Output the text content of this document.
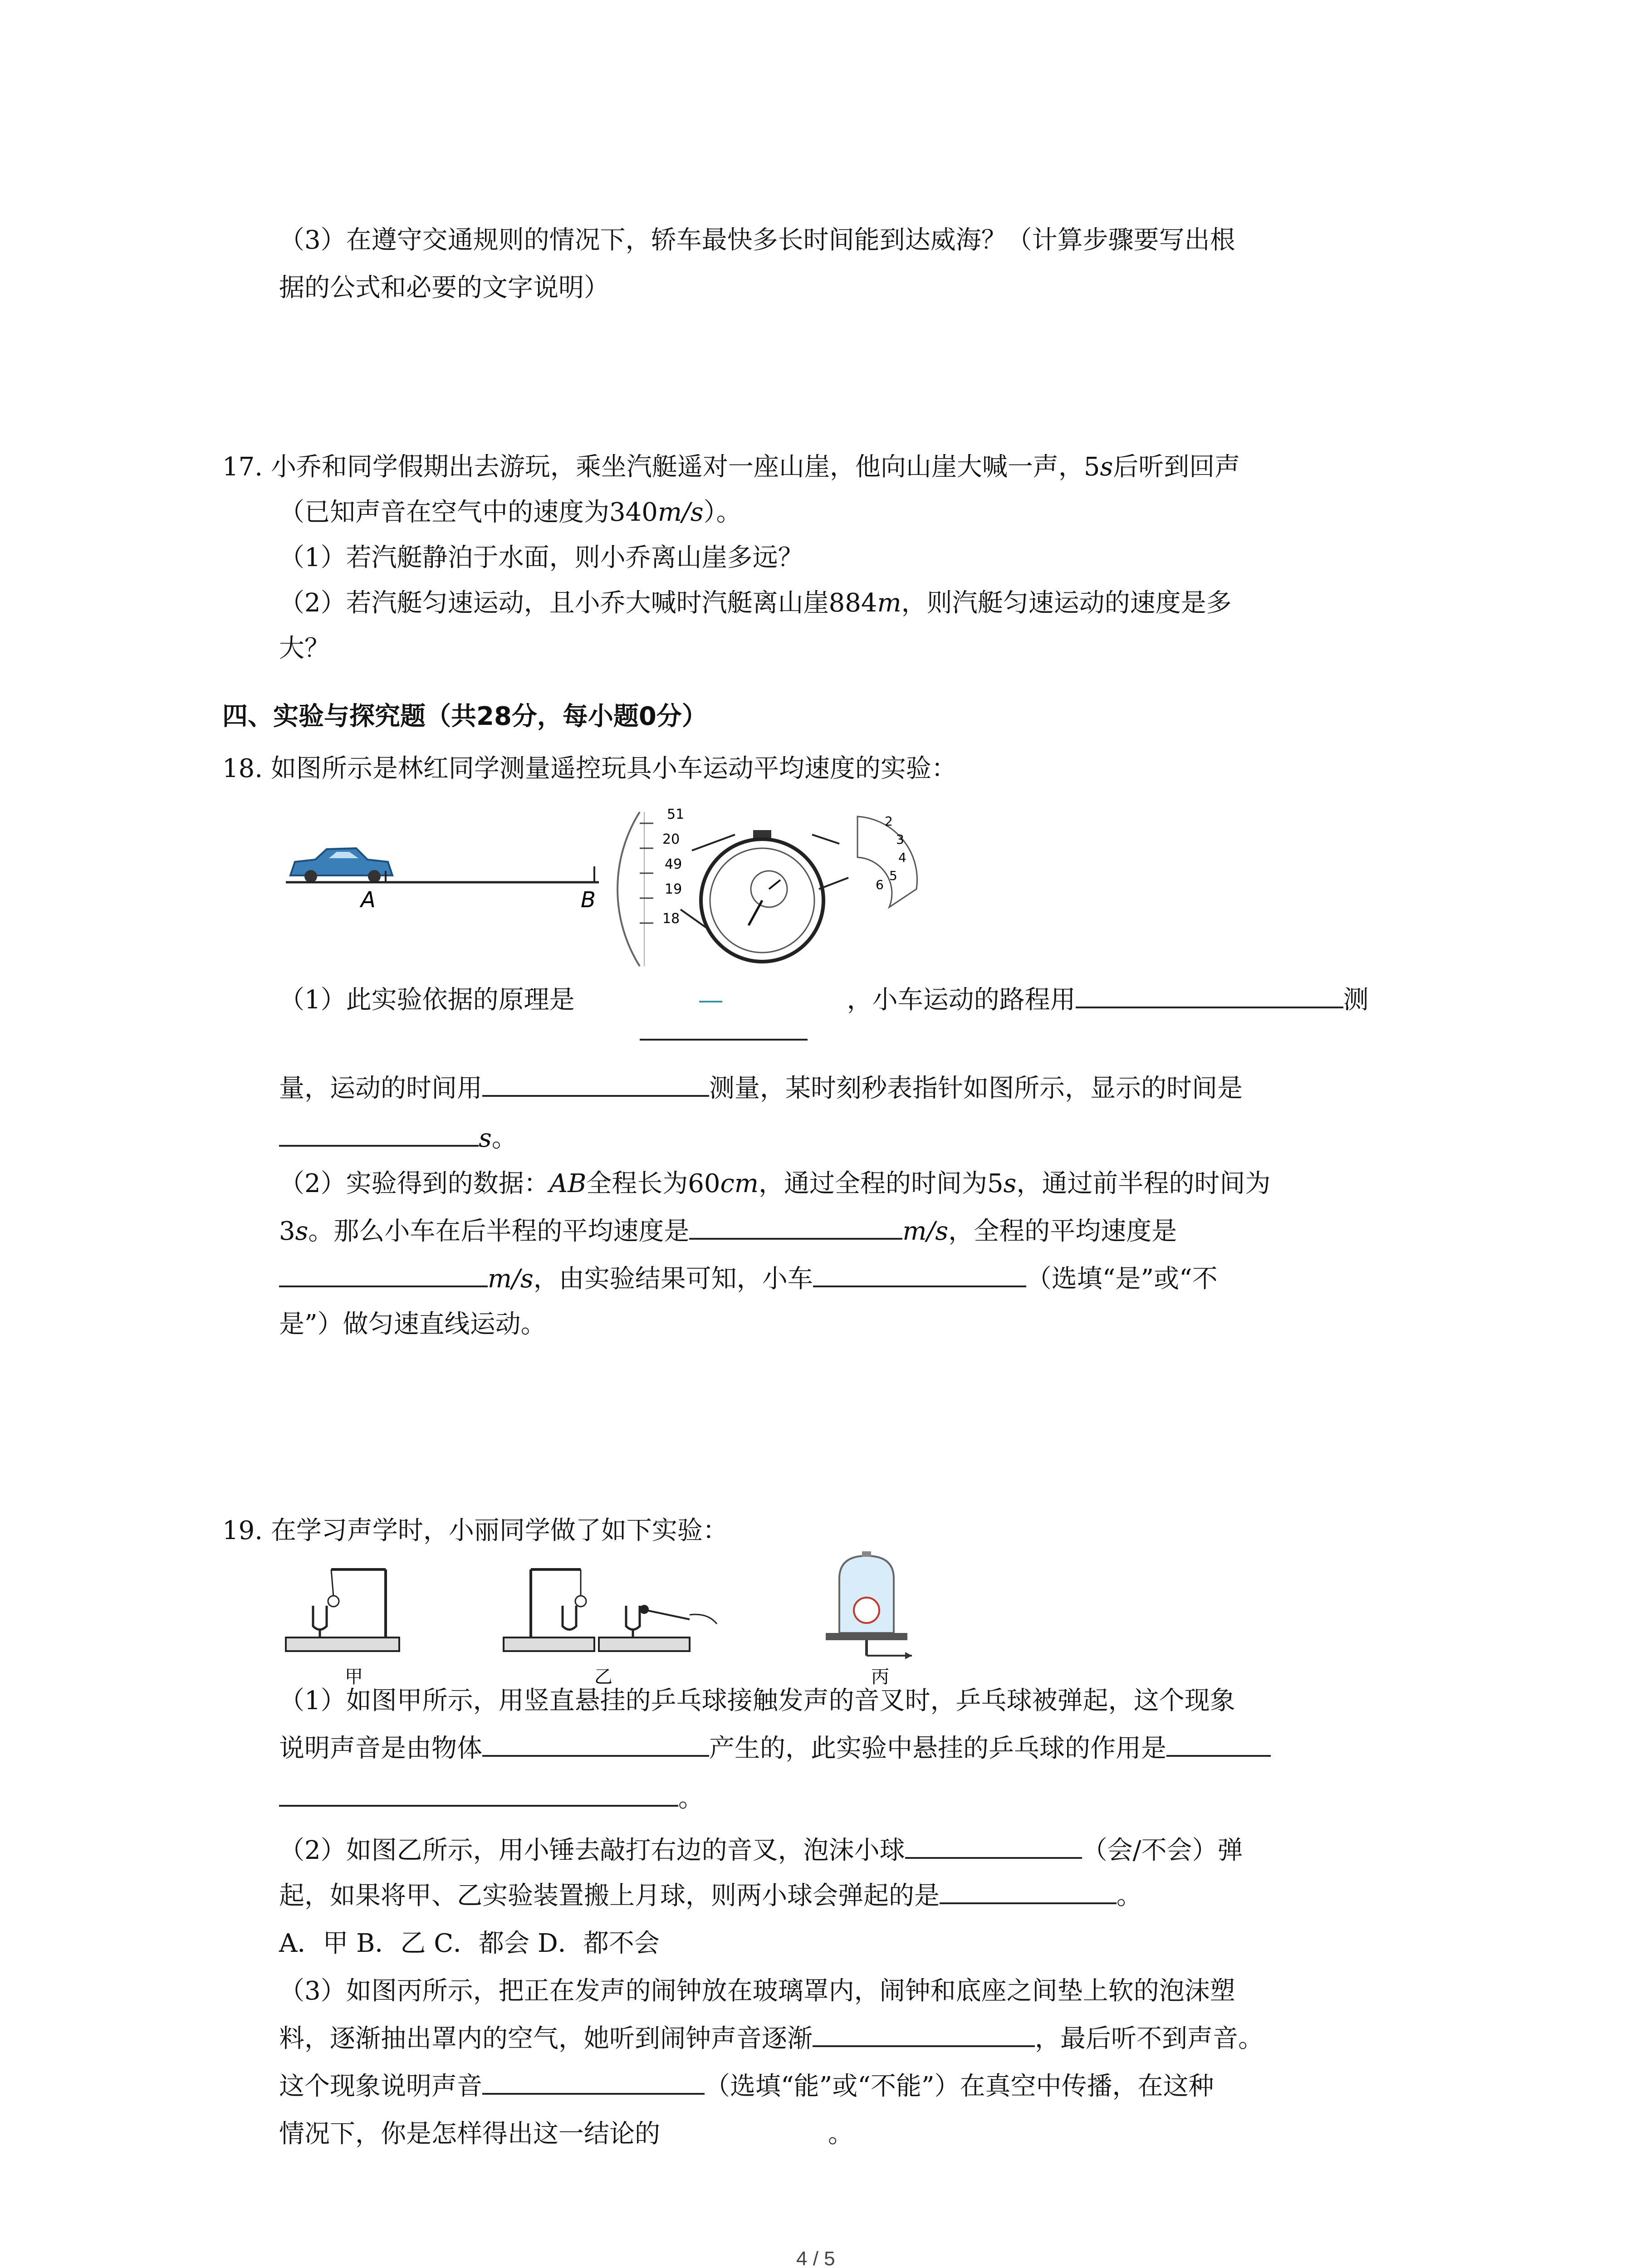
（3）在遵守交通规则的情况下，轿车最快多长时间能到达威海？（计算步骤要写出根
据的公式和必要的文字说明）
17. 小乔和同学假期出去游玩，乘坐汽艇遥对一座山崖，他向山崖大喊一声，5s后听到回声
（已知声音在空气中的速度为340m/s）。
（1）若汽艇静泊于水面，则小乔离山崖多远？
（2）若汽艇匀速运动，且小乔大喊时汽艇离山崖884m，则汽艇匀速运动的速度是多
大？
四、实验与探究题（共28分，每小题0分）
18. 如图所示是林红同学测量遥控玩具小车运动平均速度的实验：
A	B
51
20
49
19
18
2
3
4
5
6
（1）此实验依据的原理是	—	，小车运动的路程用	测
量，运动的时间用	测量，某时刻秒表指针如图所示，显示的时间是
s。
（2）实验得到的数据：AB全程长为60cm，通过全程的时间为5s，通过前半程的时间为
3s。那么小车在后半程的平均速度是	m/s，全程的平均速度是
m/s，由实验结果可知，小车	（选填“是”或“不
是”）做匀速直线运动。
19. 在学习声学时，小丽同学做了如下实验：
甲	乙	丙
（1）如图甲所示，用竖直悬挂的乒乓球接触发声的音叉时，乒乓球被弹起，这个现象
说明声音是由物体	产生的，此实验中悬挂的乒乓球的作用是
。
（2）如图乙所示，用小锤去敲打右边的音叉，泡沫小球	（会/不会）弹
起，如果将甲、乙实验装置搬上月球，则两小球会弹起的是	。
A．甲 B．乙 C．都会 D．都不会
（3）如图丙所示，把正在发声的闹钟放在玻璃罩内，闹钟和底座之间垫上软的泡沫塑
料，逐渐抽出罩内的空气，她听到闹钟声音逐渐	，最后听不到声音。
这个现象说明声音	（选填“能”或“不能”）在真空中传播，在这种
情况下，你是怎样得出这一结论的	。
4 / 5
